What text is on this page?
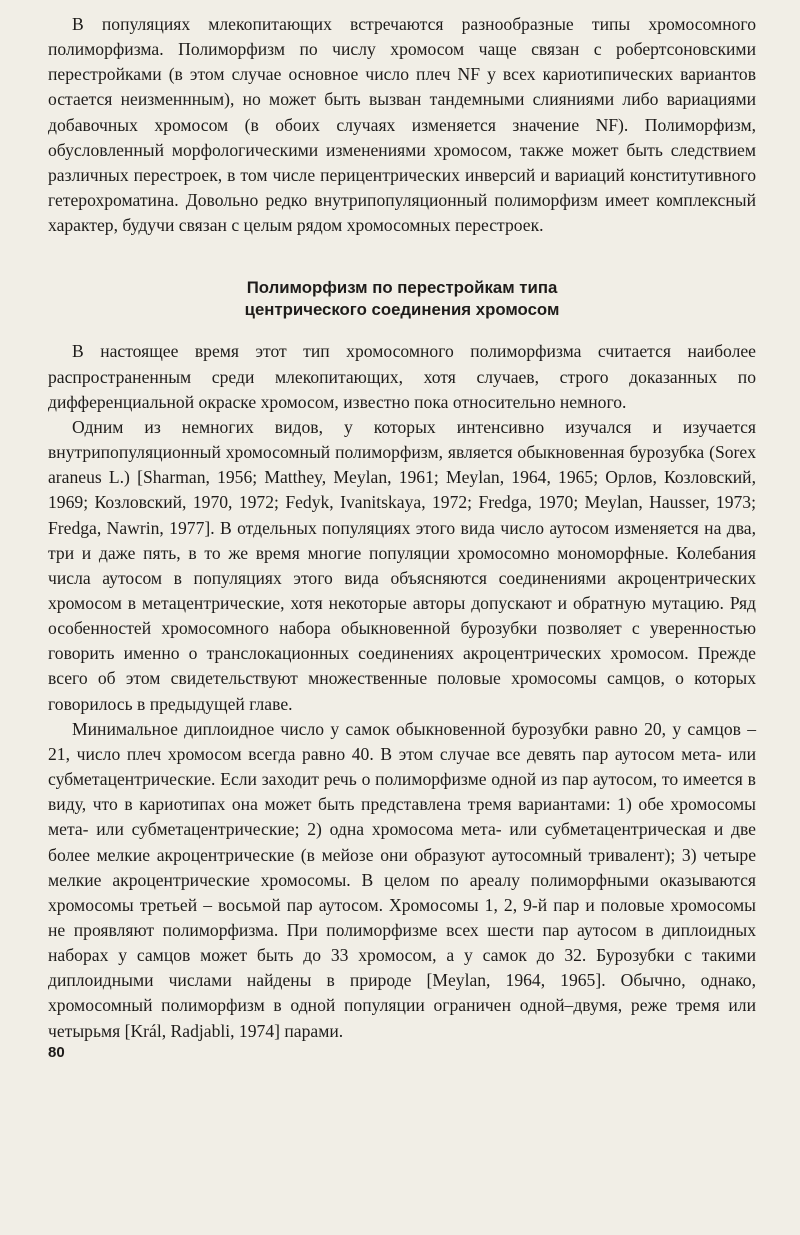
В популяциях млекопитающих встречаются разнообразные типы хромосомного полиморфизма. Полиморфизм по числу хромосом чаще связан с робертсоновскими перестройками (в этом случае основное число плеч NF у всех кариотипических вариантов остается неизменнным), но может быть вызван тандемными слияниями либо вариациями добавочных хромосом (в обоих случаях изменяется значение NF). Полиморфизм, обусловленный морфологическими изменениями хромосом, также может быть следствием различных перестроек, в том числе перицентрических инверсий и вариаций конститутивного гетерохроматина. Довольно редко внутрипопуляционный полиморфизм имеет комплексный характер, будучи связан с целым рядом хромосомных перестроек.

Полиморфизм по перестройкам типа
центрического соединения хромосом

В настоящее время этот тип хромосомного полиморфизма считается наиболее распространенным среди млекопитающих, хотя случаев, строго доказанных по дифференциальной окраске хромосом, известно пока относительно немного.

Одним из немногих видов, у которых интенсивно изучался и изучается внутрипопуляционный хромосомный полиморфизм, является обыкновенная бурозубка (Sorex araneus L.) [Sharman, 1956; Matthey, Meylan, 1961; Meylan, 1964, 1965; Орлов, Козловский, 1969; Козловский, 1970, 1972; Fedyk, Ivanitskaya, 1972; Fredga, 1970; Meylan, Hausser, 1973; Fredga, Nawrin, 1977]. В отдельных популяциях этого вида число аутосом изменяется на два, три и даже пять, в то же время многие популяции хромосомно мономорфные. Колебания числа аутосом в популяциях этого вида объясняются соединениями акроцентрических хромосом в метацентрические, хотя некоторые авторы допускают и обратную мутацию. Ряд особенностей хромосомного набора обыкновенной бурозубки позволяет с уверенностью говорить именно о транслокационных соединениях акроцентрических хромосом. Прежде всего об этом свидетельствуют множественные половые хромосомы самцов, о которых говорилось в предыдущей главе.

Минимальное диплоидное число у самок обыкновенной бурозубки равно 20, у самцов –21, число плеч хромосом всегда равно 40. В этом случае все девять пар аутосом мета- или субметацентрические. Если заходит речь о полиморфизме одной из пар аутосом, то имеется в виду, что в кариотипах она может быть представлена тремя вариантами: 1) обе хромосомы мета- или субметацентрические; 2) одна хромосома мета- или субметацентрическая и две более мелкие акроцентрические (в мейозе они образуют аутосомный тривалент); 3) четыре мелкие акроцентрические хромосомы. В целом по ареалу полиморфными оказываются хромосомы третьей – восьмой пар аутосом. Хромосомы 1, 2, 9-й пар и половые хромосомы не проявляют полиморфизма. При полиморфизме всех шести пар аутосом в диплоидных наборах у самцов может быть до 33 хромосом, а у самок до 32. Бурозубки с такими диплоидными числами найдены в природе [Meylan, 1964, 1965]. Обычно, однако, хромосомный полиморфизм в одной популяции ограничен одной–двумя, реже тремя или четырьмя [Král, Radjabli, 1974] парами.

80
